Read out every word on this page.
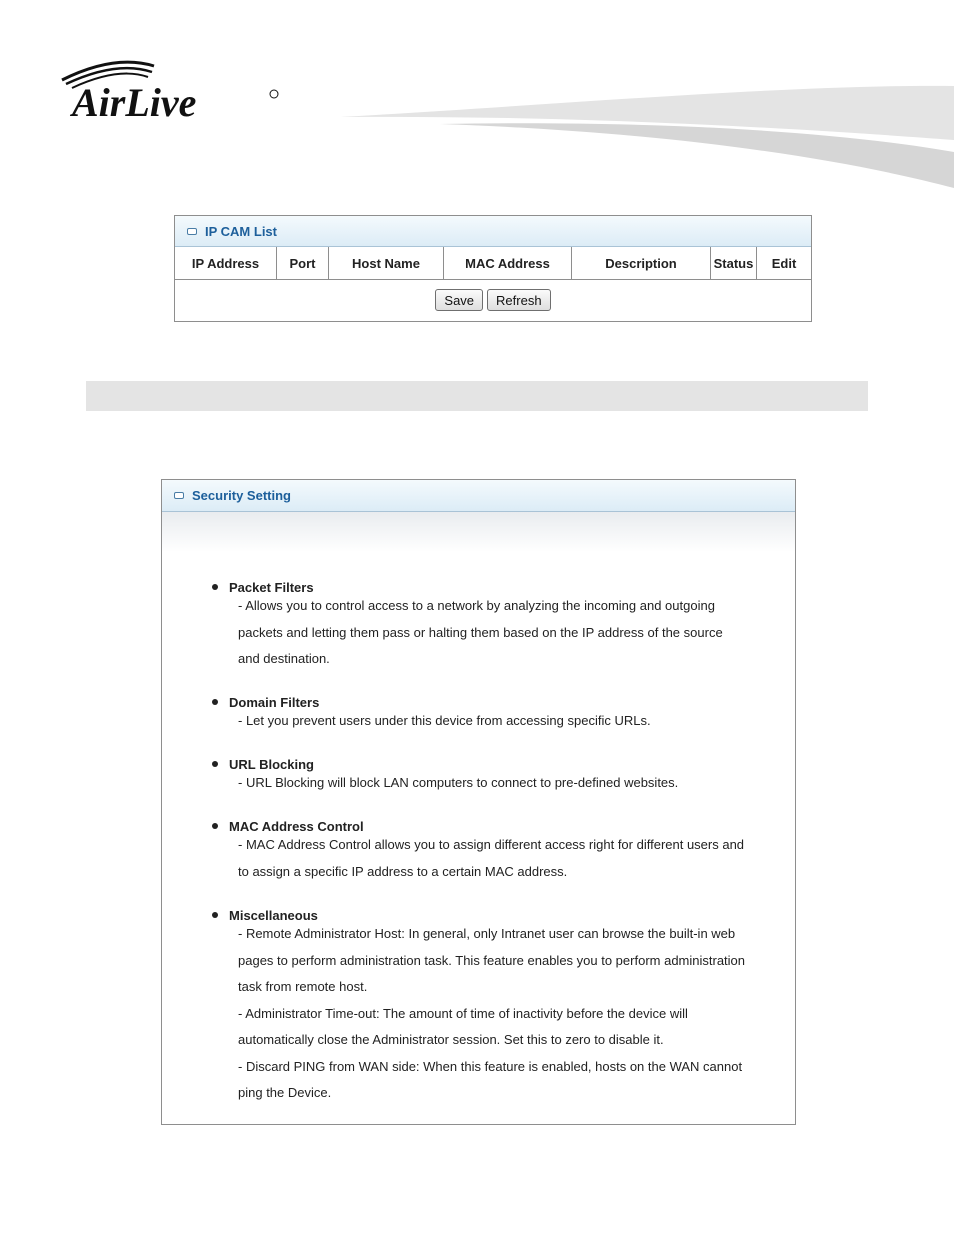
AirLive
IP CAM List
IP Address	Port	Host Name	MAC Address	Description	Status	Edit
Save	Refresh
Security Setting
Packet Filters
- Allows you to control access to a network by analyzing the incoming and outgoing
packets and letting them pass or halting them based on the IP address of the source
and destination.
Domain Filters
- Let you prevent users under this device from accessing specific URLs.
URL Blocking
- URL Blocking will block LAN computers to connect to pre-defined websites.
MAC Address Control
- MAC Address Control allows you to assign different access right for different users and
to assign a specific IP address to a certain MAC address.
Miscellaneous
- Remote Administrator Host: In general, only Intranet user can browse the built-in web
pages to perform administration task. This feature enables you to perform administration
task from remote host.
- Administrator Time-out: The amount of time of inactivity before the device will
automatically close the Administrator session. Set this to zero to disable it.
- Discard PING from WAN side: When this feature is enabled, hosts on the WAN cannot
ping the Device.
